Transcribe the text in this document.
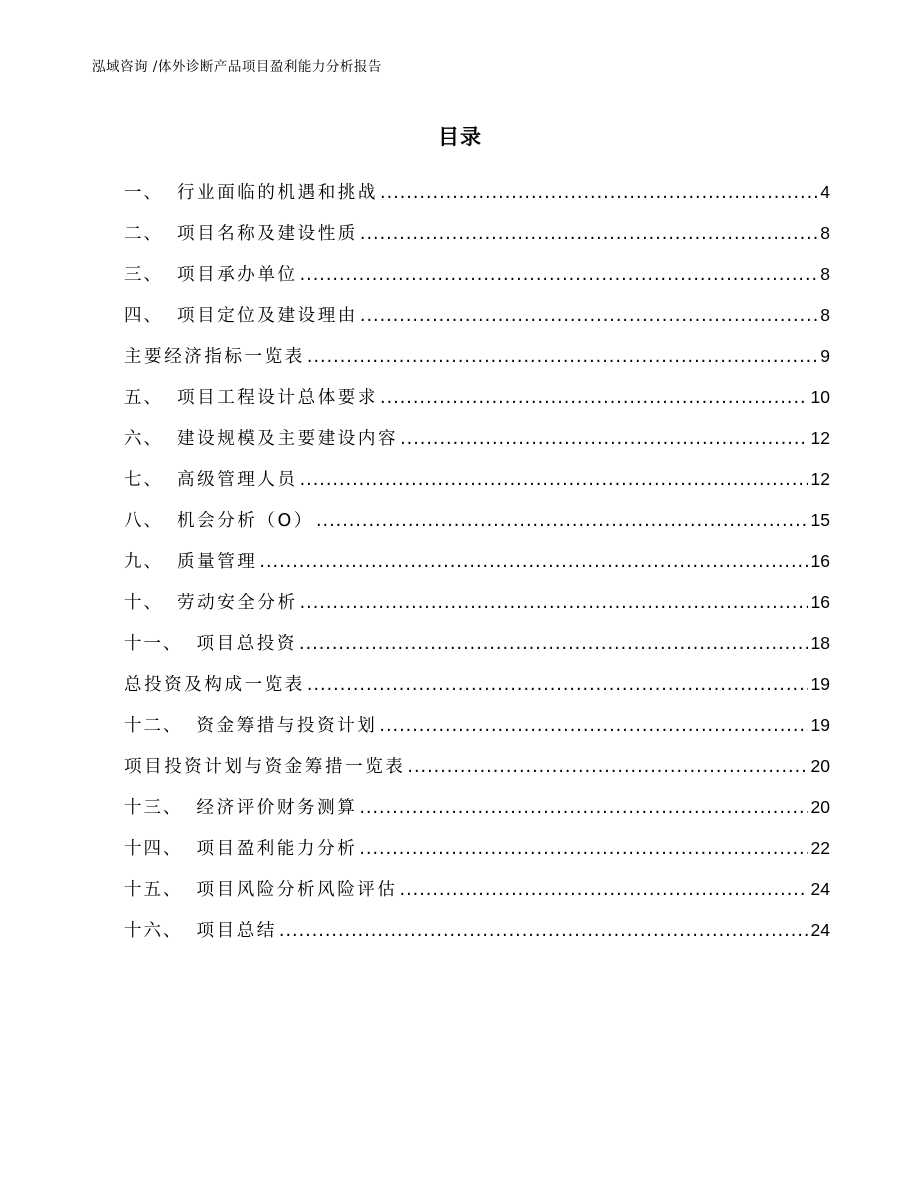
泓域咨询 /体外诊断产品项目盈利能力分析报告
目录
一、 行业面临的机遇和挑战 .....	4
二、 项目名称及建设性质 .....	8
三、 项目承办单位 .....	8
四、 项目定位及建设理由 .....	8
主要经济指标一览表 .....	9
五、 项目工程设计总体要求 .....	10
六、 建设规模及主要建设内容 .....	12
七、 高级管理人员 .....	12
八、 机会分析（O） .....	15
九、 质量管理 .....	16
十、 劳动安全分析 .....	16
十一、 项目总投资 .....	18
总投资及构成一览表 .....	19
十二、 资金筹措与投资计划 .....	19
项目投资计划与资金筹措一览表 .....	20
十三、 经济评价财务测算 .....	20
十四、 项目盈利能力分析 .....	22
十五、 项目风险分析风险评估 .....	24
十六、 项目总结 .....	24
